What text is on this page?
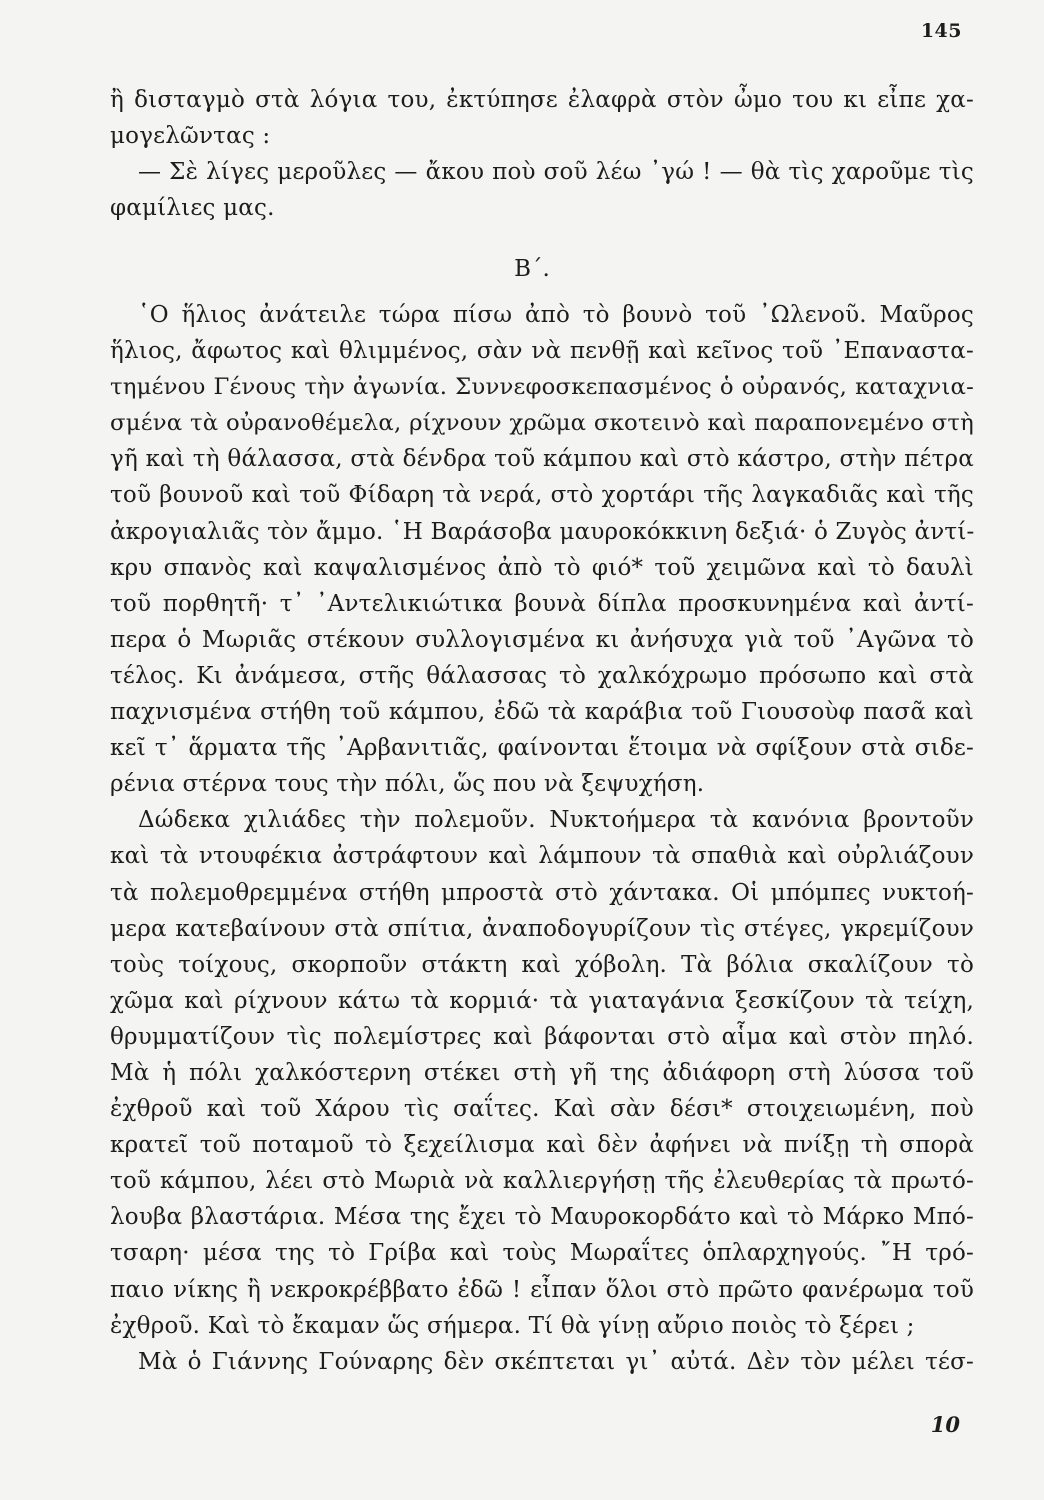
145
ἢ δισταγμὸ στὰ λόγια του, ἐκτύπησε ἐλαφρὰ στὸν ὦμο του κι εἶπε χα-
μογελῶντας :
— Σὲ λίγες μεροῦλες — ἄκου ποὺ σοῦ λέω ᾽γώ ! — θὰ τὶς χαροῦμε τὶς
φαμίλιες μας.
Β΄.
῾Ο ἥλιος ἀνάτειλε τώρα πίσω ἀπὸ τὸ βουνὸ τοῦ ᾽Ωλενοῦ. Μαῦρος
ἥλιος, ἄφωτος καὶ θλιμμένος, σὰν νὰ πενθῇ καὶ κεῖνος τοῦ ᾽Επαναστα-
τημένου Γένους τὴν ἀγωνία. Συννεφοσκεπασμένος ὁ οὐρανός, καταχνια-
σμένα τὰ οὐρανοθέμελα, ρίχνουν χρῶμα σκοτεινὸ καὶ παραπονεμένο στὴ
γῆ καὶ τὴ θάλασσα, στὰ δένδρα τοῦ κάμπου καὶ στὸ κάστρο, στὴν πέτρα
τοῦ βουνοῦ καὶ τοῦ Φίδαρη τὰ νερά, στὸ χορτάρι τῆς λαγκαδιᾶς καὶ τῆς
ἀκρογιαλιᾶς τὸν ἄμμο. ῾Η Βαράσοβα μαυροκόκκινη δεξιά· ὁ Ζυγὸς ἀντί-
κρυ σπανὸς καὶ καψαλισμένος ἀπὸ τὸ φιό* τοῦ χειμῶνα καὶ τὸ δαυλὶ
τοῦ πορθητῆ· τ᾽ ᾽Αντελικιώτικα βουνὰ δίπλα προσκυνημένα καὶ ἀντί-
περα ὁ Μωριᾶς στέκουν συλλογισμένα κι ἀνήσυχα γιὰ τοῦ ᾽Αγῶνα τὸ
τέλος. Κι ἀνάμεσα, στῆς θάλασσας τὸ χαλκόχρωμο πρόσωπο καὶ στὰ
παχνισμένα στήθη τοῦ κάμπου, ἐδῶ τὰ καράβια τοῦ Γιουσοὺφ πασᾶ καὶ
κεῖ τ᾽ ἅρματα τῆς ᾽Αρβανιτιᾶς, φαίνονται ἕτοιμα νὰ σφίξουν στὰ σιδε-
ρένια στέρνα τους τὴν πόλι, ὥς που νὰ ξεψυχήση.
Δώδεκα χιλιάδες τὴν πολεμοῦν. Νυκτοήμερα τὰ κανόνια βροντοῦν
καὶ τὰ ντουφέκια ἀστράφτουν καὶ λάμπουν τὰ σπαθιὰ καὶ οὐρλιάζουν
τὰ πολεμοθρεμμένα στήθη μπροστὰ στὸ χάντακα. Οἱ μπόμπες νυκτοή-
μερα κατεβαίνουν στὰ σπίτια, ἀναποδογυρίζουν τὶς στέγες, γκρεμίζουν
τοὺς τοίχους, σκορποῦν στάκτη καὶ χόβολη. Τὰ βόλια σκαλίζουν τὸ
χῶμα καὶ ρίχνουν κάτω τὰ κορμιά· τὰ γιαταγάνια ξεσκίζουν τὰ τείχη,
θρυμματίζουν τὶς πολεμίστρες καὶ βάφονται στὸ αἷμα καὶ στὸν πηλό.
Μὰ ἡ πόλι χαλκόστερνη στέκει στὴ γῆ της ἀδιάφορη στὴ λύσσα τοῦ
ἐχθροῦ καὶ τοῦ Χάρου τὶς σαΐτες. Καὶ σὰν δέσι* στοιχειωμένη, ποὺ
κρατεῖ τοῦ ποταμοῦ τὸ ξεχείλισμα καὶ δὲν ἀφήνει νὰ πνίξῃ τὴ σπορὰ
τοῦ κάμπου, λέει στὸ Μωριὰ νὰ καλλιεργήσῃ τῆς ἐλευθερίας τὰ πρωτό-
λουβα βλαστάρια. Μέσα της ἔχει τὸ Μαυροκορδάτο καὶ τὸ Μάρκο Μπό-
τσαρη· μέσα της τὸ Γρίβα καὶ τοὺς Μωραΐτες ὁπλαρχηγούς. ῎Η τρό-
παιο νίκης ἢ νεκροκρέββατο ἐδῶ ! εἶπαν ὅλοι στὸ πρῶτο φανέρωμα τοῦ
ἐχθροῦ. Καὶ τὸ ἔκαμαν ὥς σήμερα. Τί θὰ γίνῃ αὔριο ποιὸς τὸ ξέρει ;
Μὰ ὁ Γιάννης Γούναρης δὲν σκέπτεται γι᾽ αὐτά. Δὲν τὸν μέλει τέσ-
10
